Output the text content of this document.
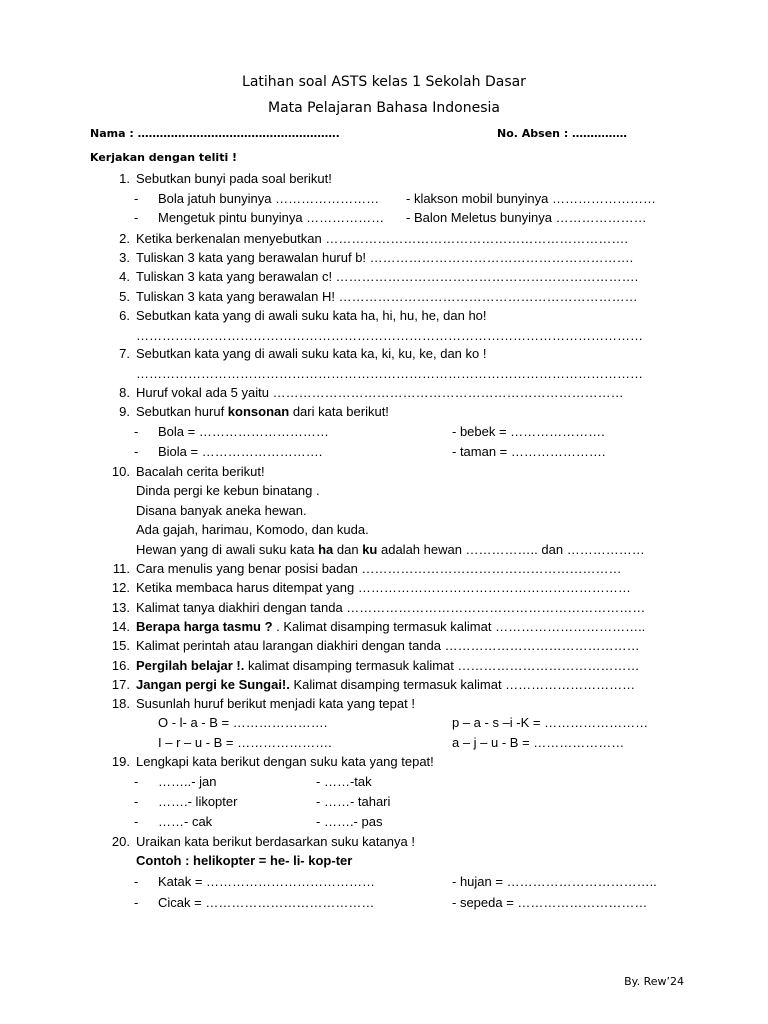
Latihan soal ASTS kelas 1 Sekolah Dasar
Mata Pelajaran Bahasa Indonesia
Nama : ……………………………………………….	No. Absen : ……………
Kerjakan dengan teliti !
1. Sebutkan bunyi pada soal berikut!
- Bola jatuh bunyinya …………………… - klakson mobil bunyinya ……………………
- Mengetuk pintu bunyinya ……………… - Balon Meletus bunyinya …………………
2. Ketika berkenalan menyebutkan …………………………………………………………….
3. Tuliskan 3 kata yang berawalan huruf b! …………………………………………………….
4. Tuliskan 3 kata yang berawalan c! …………………………………………………………….
5. Tuliskan 3 kata yang berawalan H! ……………………………………………………………
6. Sebutkan kata yang di awali suku kata ha, hi, hu, he, dan ho!
………………………………………………………………………………………………………
7. Sebutkan kata yang di awali suku kata ka, ki, ku, ke, dan ko !
………………………………………………………………………………………………………
8. Huruf vokal ada 5 yaitu ………………………………………………………………………
9. Sebutkan huruf konsonan dari kata berikut!
- Bola = …………………………	- bebek = ………………….
- Biola = ……………………….	- taman = ………………….
10. Bacalah cerita berikut!
Dinda pergi ke kebun binatang .
Disana banyak aneka hewan.
Ada gajah, harimau, Komodo, dan kuda.
Hewan yang di awali suku kata ha dan ku adalah hewan …………….. dan ………………
11. Cara menulis yang benar posisi badan ……………………………………………………
12. Ketika membaca harus ditempat yang ………………………………………………………
13. Kalimat tanya diakhiri dengan tanda ……………………………………………………………
14. Berapa harga tasmu ? . Kalimat disamping termasuk kalimat ……………………………..
15. Kalimat perintah atau larangan diakhiri dengan tanda ………………………………………
16. Pergilah belajar !. kalimat disamping termasuk kalimat ……………………………………
17. Jangan pergi ke Sungai!. Kalimat disamping termasuk kalimat …………………………
18. Susunlah huruf berikut menjadi kata yang tepat !
O - l- a - B = ………………….	p – a - s –i -K = ……………………
I – r – u - B = ………………….	a – j – u - B = …………………
19. Lengkapi kata berikut dengan suku kata yang tepat!
- ……..- jan	- ……-tak
- …….- likopter	- ……- tahari
- ……- cak	- …….- pas
20. Uraikan kata berikut berdasarkan suku katanya !
Contoh : helikopter = he- li- kop-ter
- Katak = …………………………………	- hujan = ……………………………..
- Cicak = …………………………………	- sepeda = …………………………
By. Rew’24
